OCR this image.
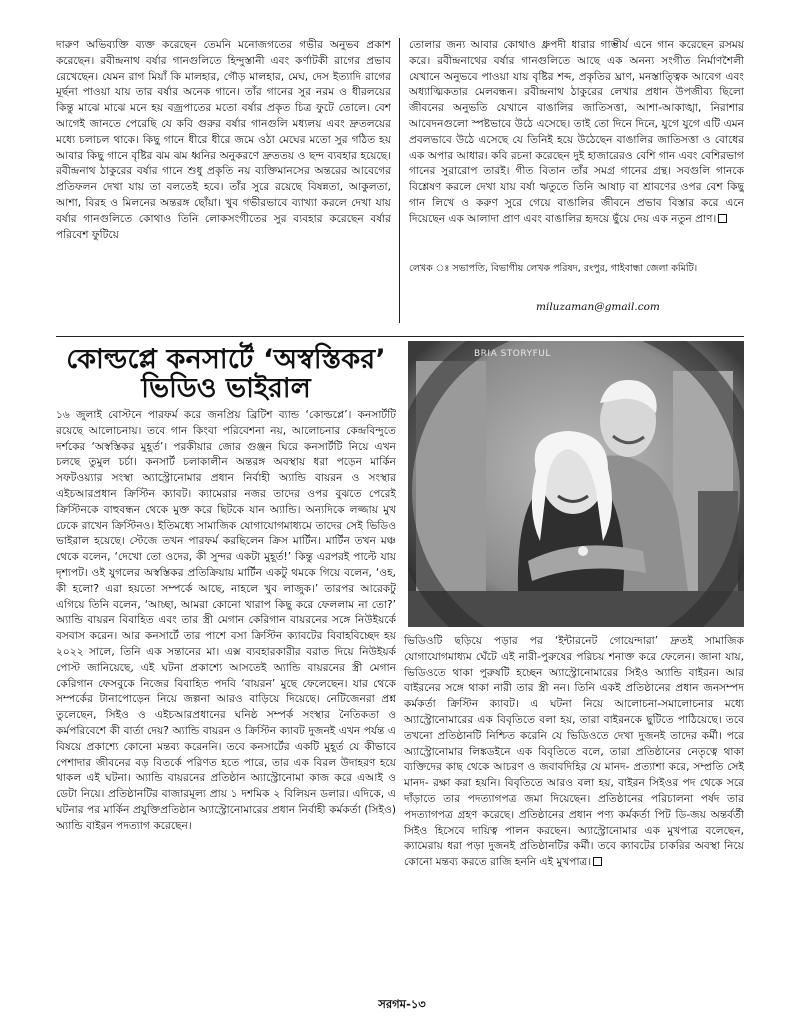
দারুণ অভিব্যক্তি ব্যক্ত করেছেন তেমনি মনোজগতের গভীর অনুভব প্রকাশ করেছেন। রবীন্দ্রনাথ বর্ষার গানগুলিতে হিন্দুস্তানী এবং কর্ণাটকী রাগের প্রভাব রেখেছেন। যেমন রাগ মিয়াঁ কি মালহার, গৌড় মালহার, মেঘ, দেস ইত্যাদি রাগের মূর্ছনা পাওয়া যায় তার বর্ষার অনেক গানে। তাঁর গানের সুর নরম ও ধীরলয়ের কিন্তু মাঝে মাঝে মনে হয় বজ্রপাতের মতো বর্ষার প্রকৃত চিত্র ফুটে তোলে। বেশ আগেই জানতে পেরেছি যে কবি গুরুর বর্ষার গানগুলি মধ্যলয় এবং দ্রুতলয়ের মধ্যে চলাচল থাকে। কিছু গানে ধীরে ধীরে জমে ওঠা মেঘের মতো সুর গঠিত হয় আবার কিছু গানে বৃষ্টির ঝম ঝম ধ্বনির অনুকরণে দ্রুততয় ও ছন্দ ব্যবহার হয়েছে। রবীন্দ্রনাথ ঠাকুরের বর্ষার গানে শুধু প্রকৃতি নয় ব্যক্তিমানসের অন্তরের আবেগের প্রতিফলন দেখা যায় তা বলতেই হবে। তাঁর সুরে রয়েছে বিষন্নতা, আকুলতা, আশা, বিরহ ও মিলনের অন্তরঙ্গ ছোঁয়া। খুব গভীরভাবে ব্যাখ্যা করলে দেখা যায় বর্ষার গানগুলিতে কোথাও তিনি লোকসংগীতের সুর ব্যবহার করেছেন বর্ষার পরিবেশ ফুটিয়ে
তোলার জন্য আবার কোথাও ধ্রুপদী ধারার গাম্ভীর্য এনে গান করেছেন রসময় করে। রবীন্দ্রনাথের বর্ষার গানগুলিতে আছে এক অনন্য সংগীত নির্মাণশৈলী যেখানে অনুভবে পাওয়া যায় বৃষ্টির শব্দ, প্রকৃতির ঘ্রাণ, মনস্তাত্ত্বিক আবেগ এবং অধ্যাত্মিকতার মেলবন্ধন। রবীন্দ্রনাথ ঠাকুরের লেখার প্রধান উপজীব্য ছিলো জীবনের অনুভতি যেখানে বাঙালির জাতিসত্তা, আশা-আকাঙ্খা, নিরাশার আবেদনগুলো স্পষ্টভাবে উঠে এসেছে। তাই তো দিনে দিনে, যুগে যুগে এটি এমন প্রবলভাবে উঠে এসেছে যে তিনিই হয়ে উঠেছেন বাঙালির জাতিসত্তা ও বোধের এক অপার আধার। কবি রচনা করেছেন দুই হাজারেরও বেশি গান এবং বেশিরভাগ গানের সুরারোপ তারই। গীত বিতান তাঁর সমগ্র গানের গ্রন্থ। সবগুলি গানকে বিশ্লেষণ করলে দেখা যায় বর্ষা ঋতুতে তিনি আষাঢ় বা শ্রাবণের ওপর বেশ কিছু গান লিখে ও করুণ সুরে গেয়ে বাঙালির জীবনে প্রভাব বিস্তার করে এনে দিয়েছেন এক আলাদা প্রাণ এবং বাঙালির হৃদয়ে ছুঁয়ে দেয় এক নতুন প্রাণ।
লেখক ঃ সভাপতি, বিভাগীয় লেখক পরিষদ, রংপুর, গাইবান্ধা জেলা কমিটি।
miluzaman@gmail.com
কোল্ডপ্লে কনসার্টে ‘অস্বস্তিকর’
ভিডিও ভাইরাল
১৬ জুলাই বোস্টনে পারফর্ম করে জনপ্রিয় ব্রিটিশ ব্যান্ড ‘কোল্ডপ্লে’। কনসার্টটি রয়েছে আলোচনায়। তবে গান কিংবা পরিবেশনা নয়, আলোচনার কেন্দ্রবিন্দুতে দর্শকের ‘অস্বস্তিকর মুহূর্ত’। পরকীয়ার জোর গুঞ্জন ঘিরে কনসার্টটি নিয়ে এখন চলছে তুমুল চর্চা। কনসার্ট চলাকালীন অন্তরঙ্গ অবস্থায় ধরা পড়েন মার্কিন সফটওয়্যার সংস্থা অ্যাস্ট্রোনোমার প্রধান নির্বাহী অ্যান্ডি বায়রন ও সংস্থার এইচআরপ্রধান ক্রিস্টিন ক্যাবট। ক্যামেরার নজর তাদের ওপর বুঝতে পেরেই ক্রিস্টিনকে বাহুবন্ধন থেকে মুক্ত করে ছিটকে যান অ্যান্ডি। অন্যদিকে লজ্জায় মুখ ঢেকে রাখেন ক্রিস্টিনও। ইতিমধ্যে সামাজিক যোগাযোগমাধ্যমে তাদের সেই ভিডিও ভাইরাল হয়েছে। স্টেজে তখন পারফর্ম করছিলেন ক্রিস মার্টিন। মার্টিন তখন মঞ্চ থেকে বলেন, ‘দেখো তো ওদের, কী সুন্দর একটা মুহূর্ত!’ কিন্তু এরপরই পাল্টে যায় দৃশ্যপট। ওই যুগলের অস্বস্তিকর প্রতিক্রিয়ায় মার্টিন একটু থমকে গিয়ে বলেন, ‘ওহ, কী হলো? এরা হয়তো সম্পর্কে আছে, নাহলে খুব লাজুক।’ তারপর আরেকটু এগিয়ে তিনি বলেন, ‘আচ্ছা, আমরা কোনো খারাপ কিছু করে ফেললাম না তো?’ অ্যান্ডি বায়রন বিবাহিত এবং তার স্ত্রী মেগান কেরিগান বায়রনের সঙ্গে নিউইয়র্কে বসবাস করেন। আর কনসার্টে তার পাশে বসা ক্রিস্টিন ক্যাবটের বিবাহবিচ্ছেদ হয় ২০২২ সালে, তিনি এক সন্তানের মা। এক্স ব্যবহারকারীর বরাত দিয়ে নিউইয়র্ক পোস্ট জানিয়েছে, এই ঘটনা প্রকাশ্যে আসতেই অ্যান্ডি বায়রনের স্ত্রী মেগান কেরিগান ফেসবুকে নিজের বিবাহিত পদবি ‘বায়রন’ মুছে ফেলেছেন। যার থেকে সম্পর্কের টানাপোড়েন নিয়ে জল্পনা আরও বাড়িয়ে দিয়েছে। নেটিজেনরা প্রশ্ন তুলেছেন, সিইও ও এইচআরপ্রধানের ঘনিষ্ঠ সম্পর্ক সংস্থার নৈতিকতা ও কর্মপরিবেশে কী বার্তা দেয়? অ্যান্ডি বায়রন ও ক্রিস্টিন ক্যাবট দুজনই এখন পর্যন্ত এ বিষয়ে প্রকাশ্যে কোনো মন্তব্য করেননি। তবে কনসার্টের একটি মুহূর্ত যে কীভাবে পেশাদার জীবনের বড় বিতর্কে পরিণত হতে পারে, তার এক বিরল উদাহরণ হয়ে থাকল এই ঘটনা। অ্যান্ডি বায়রনের প্রতিষ্ঠান অ্যাস্ট্রোনোমা কাজ করে এআই ও ডেটা নিয়ে। প্রতিষ্ঠানটির বাজারমূল্য প্রায় ১ দশমিক ২ বিলিয়ন ডলার। এদিকে, এ ঘটনার পর মার্কিন প্রযুক্তিপ্রতিষ্ঠান অ্যাস্ট্রোনোমারের প্রধান নির্বাহী কর্মকর্তা (সিইও) অ্যান্ডি বাইরন পদত্যাগ করেছেন।
BRIA STORYFUL
ভিডিওটি ছড়িয়ে পড়ার পর ‘ইন্টারনেট গোয়েন্দারা’ দ্রুতই সামাজিক যোগাযোগমাধ্যম ঘেঁটে এই নারী-পুরুষের পরিচয় শনাক্ত করে ফেলেন। জানা যায়, ভিডিওতে থাকা পুরুষটি হচ্ছেন অ্যাস্ট্রোনোমারের সিইও অ্যান্ডি বাইরন। আর বাইরনের সঙ্গে থাকা নারী তার স্ত্রী নন। তিনি একই প্রতিষ্ঠানের প্রধান জনসম্পদ কর্মকর্তা ক্রিস্টিন ক্যাবট। এ ঘটনা নিয়ে আলোচনা-সমালোচনার মধ্যে অ্যাস্ট্রোনোমারের এক বিবৃতিতে বলা হয়, তারা বাইরনকে ছুটিতে পাঠিয়েছে। তবে তখনো প্রতিষ্ঠানটি নিশ্চিত করেনি যে ভিডিওতে দেখা দুজনই তাদের কর্মী। পরে অ্যাস্ট্রোনোমার লিঙ্কডইনে এক বিবৃতিতে বলে, তারা প্রতিষ্ঠানের নেতৃত্বে থাকা ব্যক্তিদের কাছ থেকে আচরণ ও জবাবদিহির যে মানদ- প্রত্যাশা করে, সম্প্রতি সেই মানদ- রক্ষা করা হয়নি। বিবৃতিতে আরও বলা হয়, বাইরন সিইওর পদ থেকে সরে দাঁড়াতে তার পদত্যাগপত্র জমা দিয়েছেন। প্রতিষ্ঠানের পরিচালনা পর্ষদ তার পদত্যাগপত্র গ্রহণ করেছে। প্রতিষ্ঠানের প্রধান পণ্য কর্মকর্তা পিট ডি-জয় অন্তর্বর্তী সিইও হিসেবে দায়িত্ব পালন করছেন। অ্যাস্ট্রোনোমার এক মুখপাত্র বলেছেন, ক্যামেরায় ধরা পড়া দুজনই প্রতিষ্ঠানটির কর্মী। তবে ক্যাবটের চাকরির অবস্থা নিয়ে কোনো মন্তব্য করতে রাজি হননি এই মুখপাত্র।
সরগম-১৩
